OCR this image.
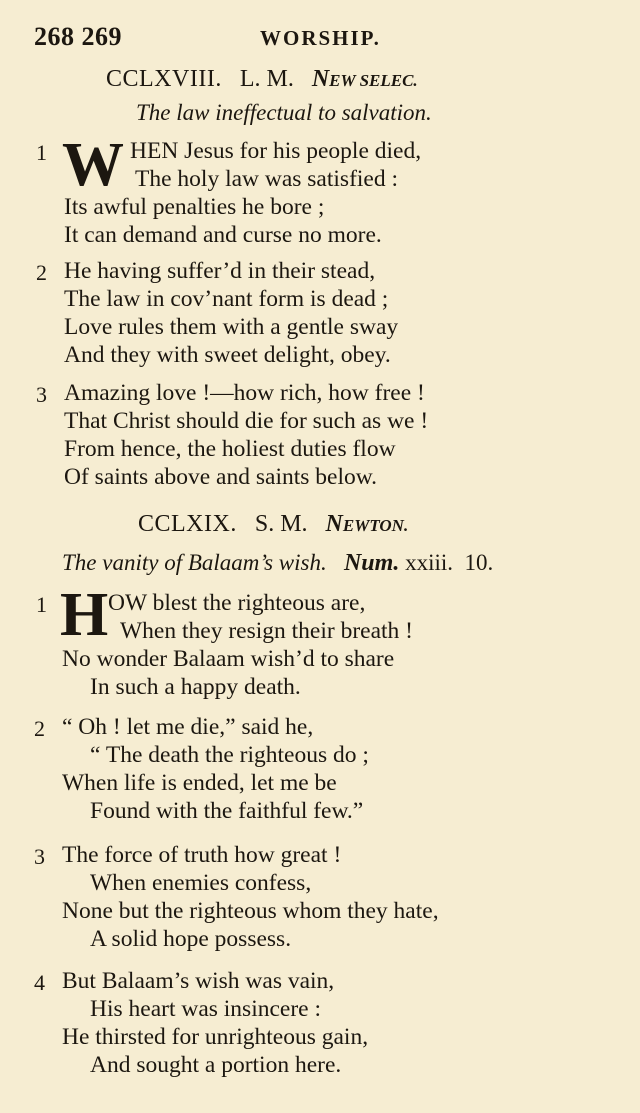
268 269	WORSHIP.
CCLXVIII. L. M. NEW SELEC.
The law ineffectual to salvation.
1 W HEN Jesus for his people died,
The holy law was satisfied :
Its awful penalties he bore ;
It can demand and curse no more.
2 He having suffer’d in their stead,
The law in cov’nant form is dead ;
Love rules them with a gentle sway
And they with sweet delight, obey.
3 Amazing love !—how rich, how free !
That Christ should die for such as we !
From hence, the holiest duties flow
Of saints above and saints below.
CCLXIX. S. M. NEWTON.
The vanity of Balaam’s wish. Num. xxiii. 10.
1 H OW blest the righteous are,
When they resign their breath !
No wonder Balaam wish’d to share
In such a happy death.
2 “ Oh ! let me die,” said he,
“ The death the righteous do ;
When life is ended, let me be
Found with the faithful few.”
3 The force of truth how great !
When enemies confess,
None but the righteous whom they hate,
A solid hope possess.
4 But Balaam’s wish was vain,
His heart was insincere :
He thirsted for unrighteous gain,
And sought a portion here.
